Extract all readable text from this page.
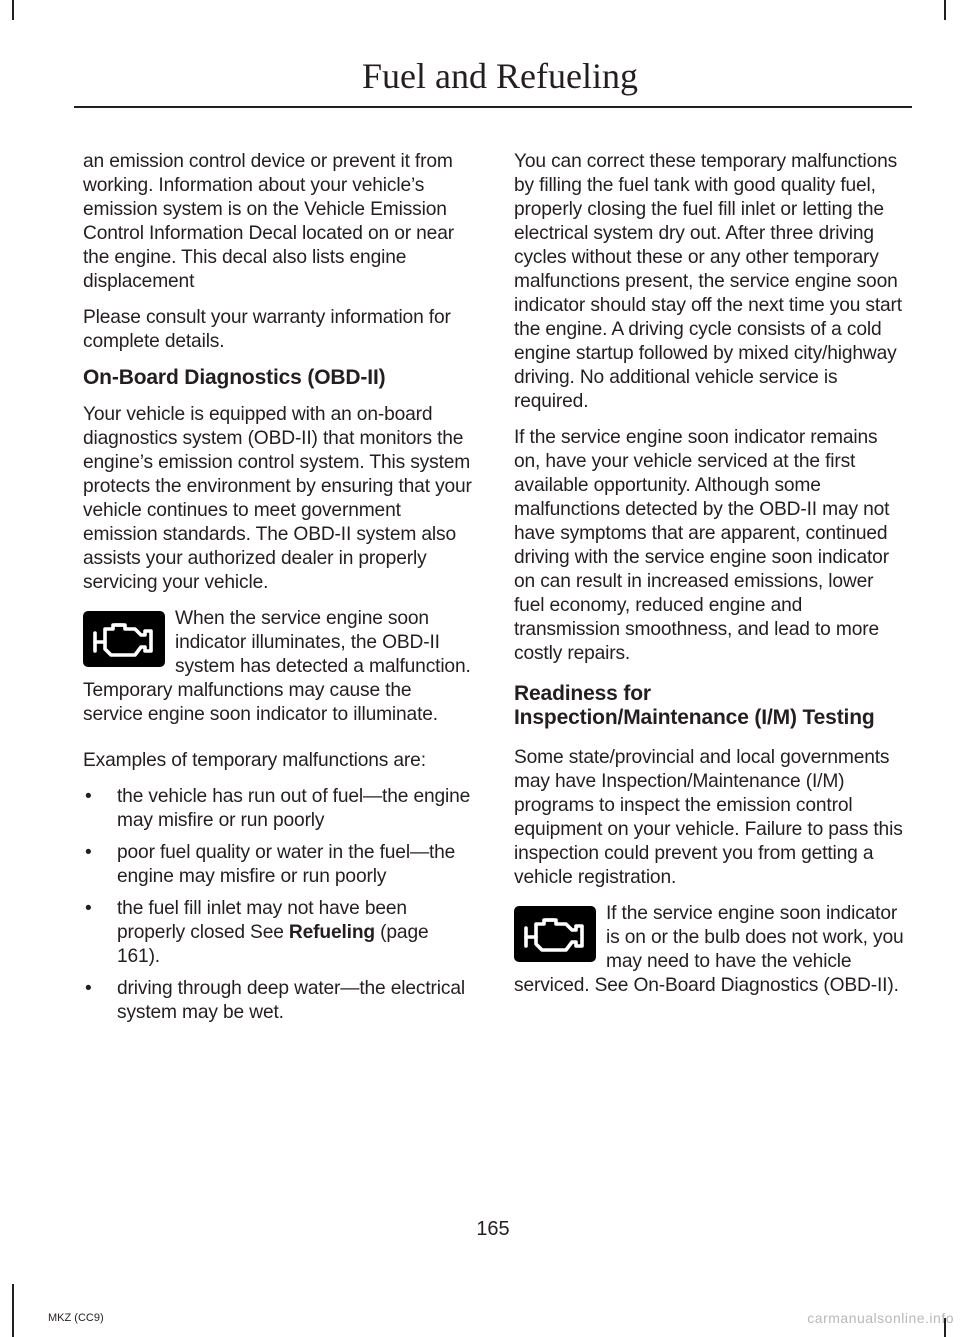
Fuel and Refueling

an emission control device or prevent it from working. Information about your vehicle’s emission system is on the Vehicle Emission Control Information Decal located on or near the engine. This decal also lists engine displacement

Please consult your warranty information for complete details.

On-Board Diagnostics (OBD-II)

Your vehicle is equipped with an on-board diagnostics system (OBD-II) that monitors the engine’s emission control system. This system protects the environment by ensuring that your vehicle continues to meet government emission standards. The OBD-II system also assists your authorized dealer in properly servicing your vehicle.

When the service engine soon indicator illuminates, the OBD-II system has detected a malfunction. Temporary malfunctions may cause the service engine soon indicator to illuminate.

Examples of temporary malfunctions are:

• the vehicle has run out of fuel—the engine may misfire or run poorly
• poor fuel quality or water in the fuel—the engine may misfire or run poorly
• the fuel fill inlet may not have been properly closed See Refueling (page 161).
• driving through deep water—the electrical system may be wet.

You can correct these temporary malfunctions by filling the fuel tank with good quality fuel, properly closing the fuel fill inlet or letting the electrical system dry out. After three driving cycles without these or any other temporary malfunctions present, the service engine soon indicator should stay off the next time you start the engine. A driving cycle consists of a cold engine startup followed by mixed city/highway driving. No additional vehicle service is required.

If the service engine soon indicator remains on, have your vehicle serviced at the first available opportunity. Although some malfunctions detected by the OBD-II may not have symptoms that are apparent, continued driving with the service engine soon indicator on can result in increased emissions, lower fuel economy, reduced engine and transmission smoothness, and lead to more costly repairs.

Readiness for
Inspection/Maintenance (I/M) Testing

Some state/provincial and local governments may have Inspection/Maintenance (I/M) programs to inspect the emission control equipment on your vehicle. Failure to pass this inspection could prevent you from getting a vehicle registration.

If the service engine soon indicator is on or the bulb does not work, you may need to have the vehicle serviced. See On-Board Diagnostics (OBD-II).

165
MKZ (CC9)	carmanualsonline.info
